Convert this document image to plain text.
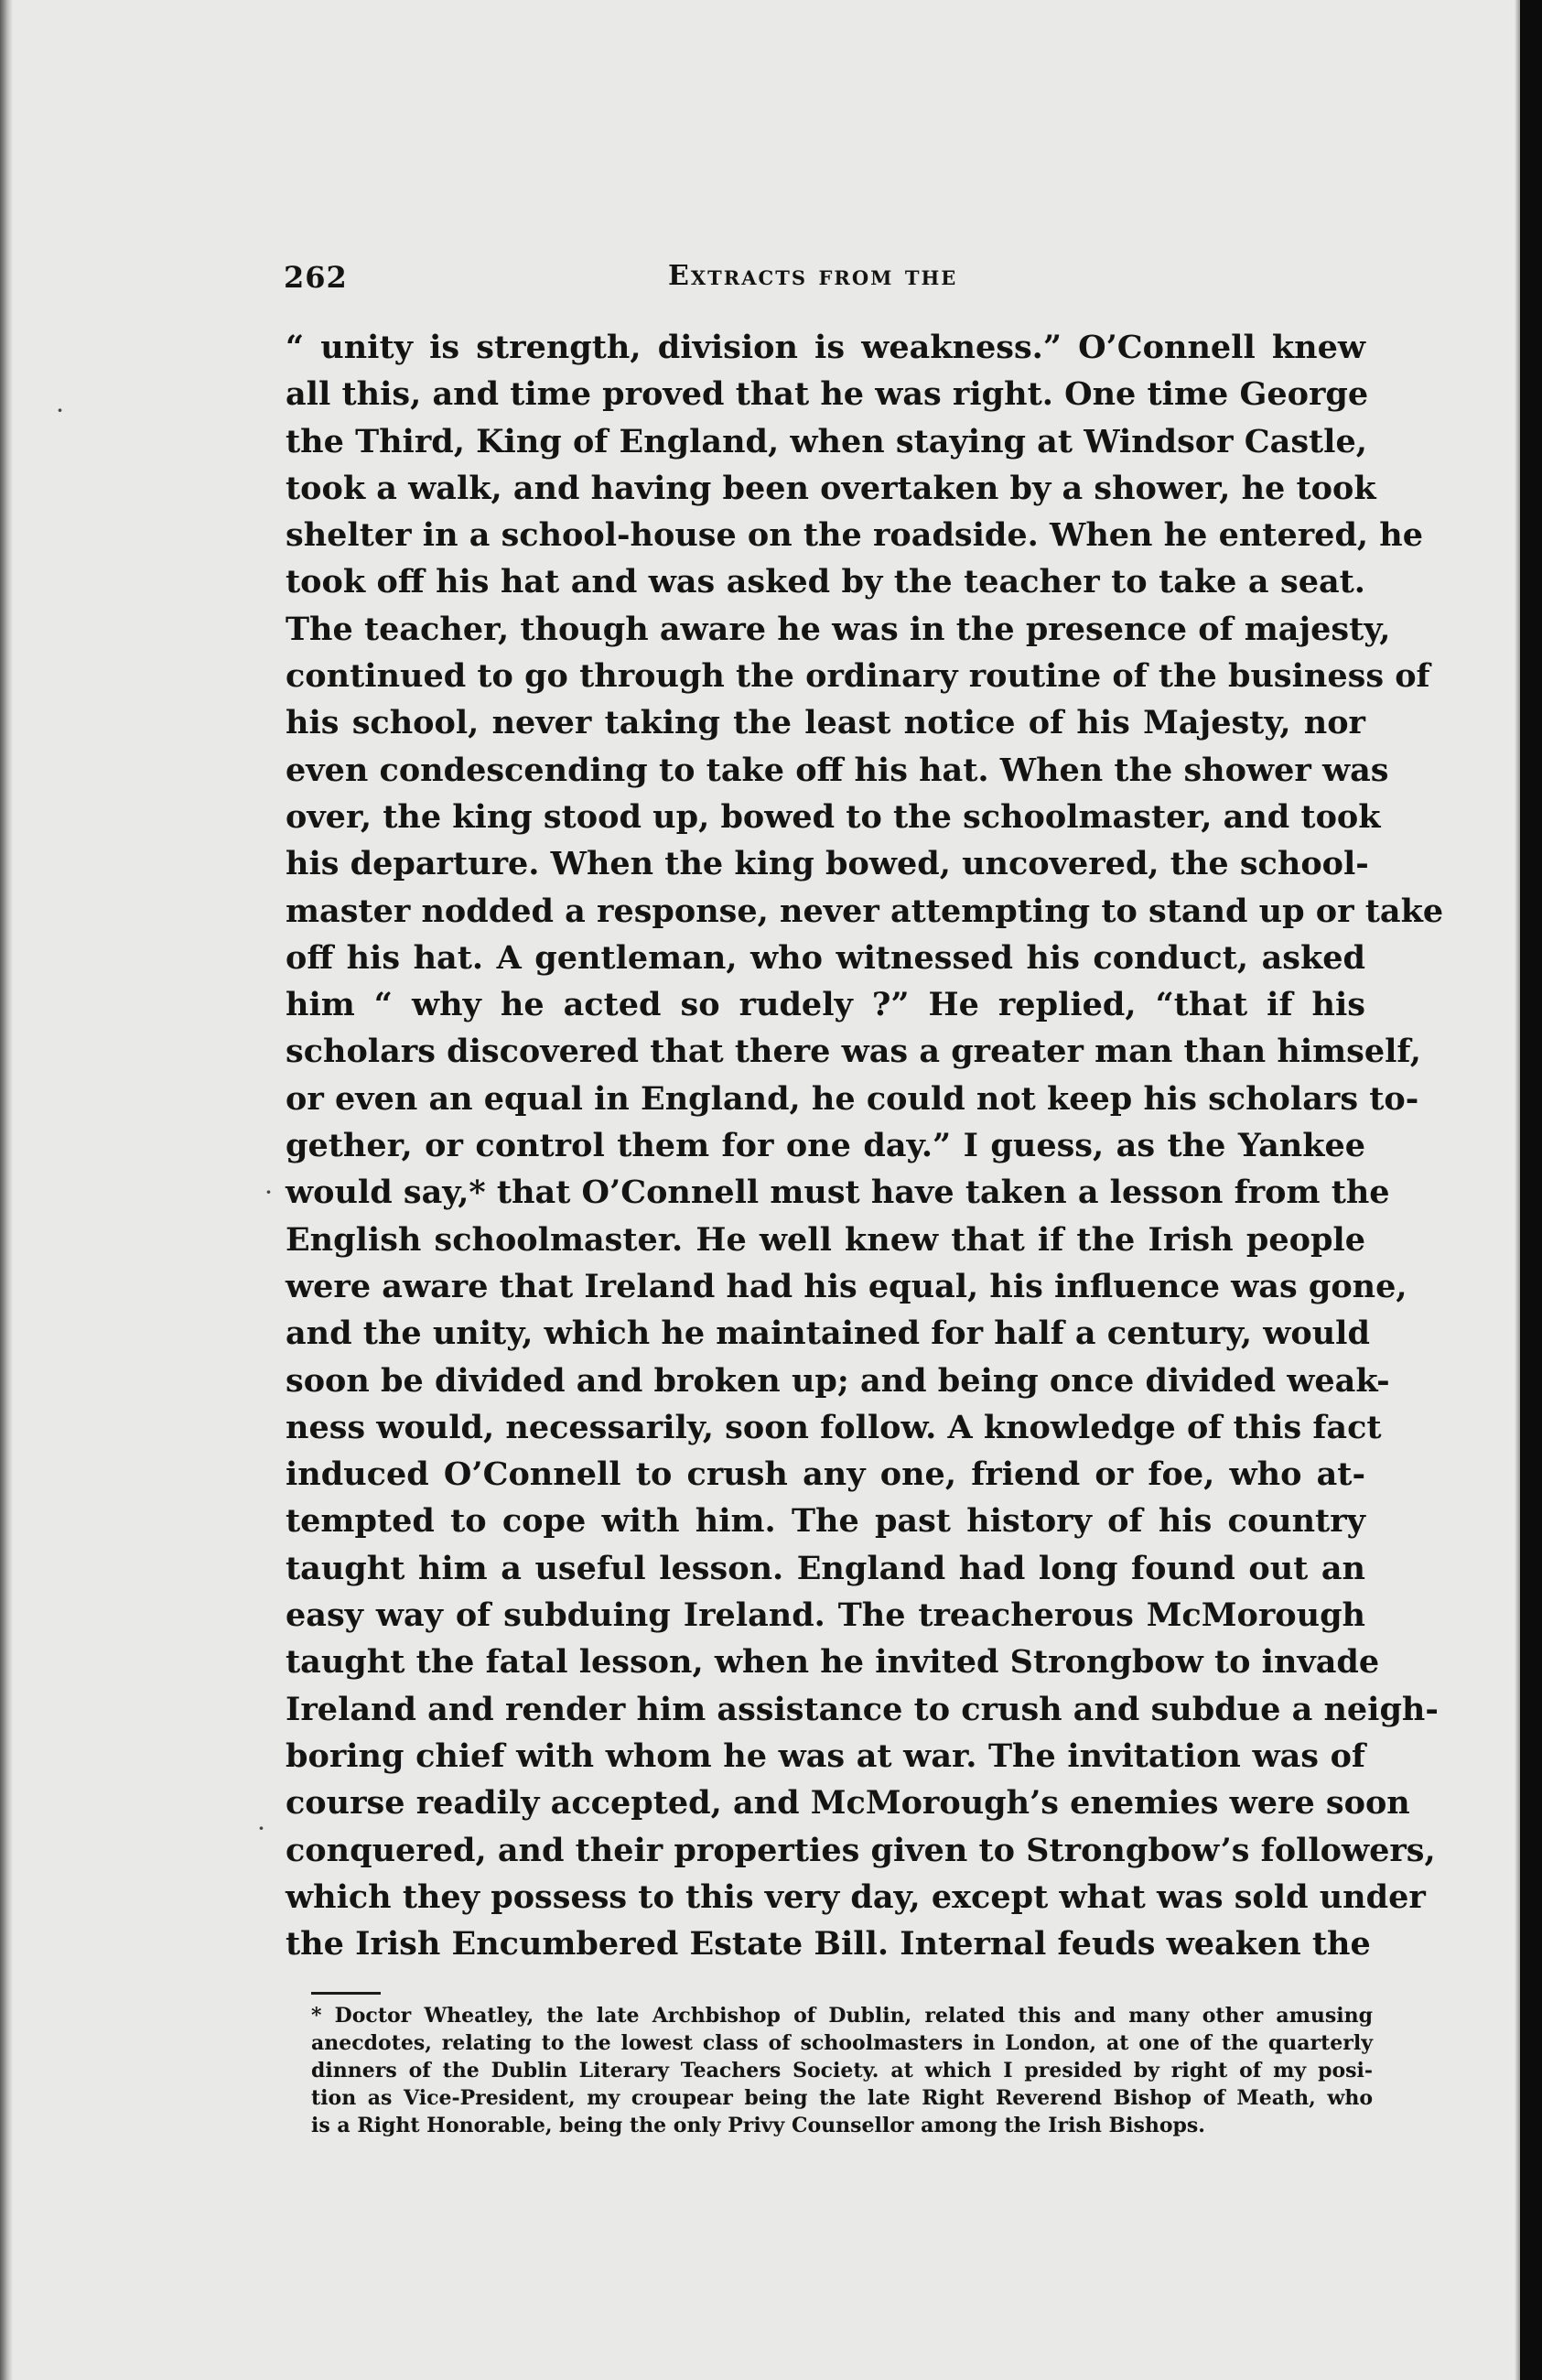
262	Extracts from the
“ unity is strength, division is weakness.” O’Connell knew
all this, and time proved that he was right. One time George
the Third, King of England, when staying at Windsor Castle,
took a walk, and having been overtaken by a shower, he took
shelter in a school-house on the roadside. When he entered, he
took off his hat and was asked by the teacher to take a seat.
The teacher, though aware he was in the presence of majesty,
continued to go through the ordinary routine of the business of
his school, never taking the least notice of his Majesty, nor
even condescending to take off his hat. When the shower was
over, the king stood up, bowed to the schoolmaster, and took
his departure. When the king bowed, uncovered, the school-
master nodded a response, never attempting to stand up or take
off his hat. A gentleman, who witnessed his conduct, asked
him “ why he acted so rudely ?” He replied, “that if his
scholars discovered that there was a greater man than himself,
or even an equal in England, he could not keep his scholars to-
gether, or control them for one day.” I guess, as the Yankee
would say,* that O’Connell must have taken a lesson from the
English schoolmaster. He well knew that if the Irish people
were aware that Ireland had his equal, his influence was gone,
and the unity, which he maintained for half a century, would
soon be divided and broken up; and being once divided weak-
ness would, necessarily, soon follow. A knowledge of this fact
induced O’Connell to crush any one, friend or foe, who at-
tempted to cope with him. The past history of his country
taught him a useful lesson. England had long found out an
easy way of subduing Ireland. The treacherous McMorough
taught the fatal lesson, when he invited Strongbow to invade
Ireland and render him assistance to crush and subdue a neigh-
boring chief with whom he was at war. The invitation was of
course readily accepted, and McMorough’s enemies were soon
conquered, and their properties given to Strongbow’s followers,
which they possess to this very day, except what was sold under
the Irish Encumbered Estate Bill. Internal feuds weaken the
* Doctor Wheatley, the late Archbishop of Dublin, related this and many other amusing
anecdotes, relating to the lowest class of schoolmasters in London, at one of the quarterly
dinners of the Dublin Literary Teachers Society. at which I presided by right of my posi-
tion as Vice-President, my croupear being the late Right Reverend Bishop of Meath, who
is a Right Honorable, being the only Privy Counsellor among the Irish Bishops.
·
·
·
